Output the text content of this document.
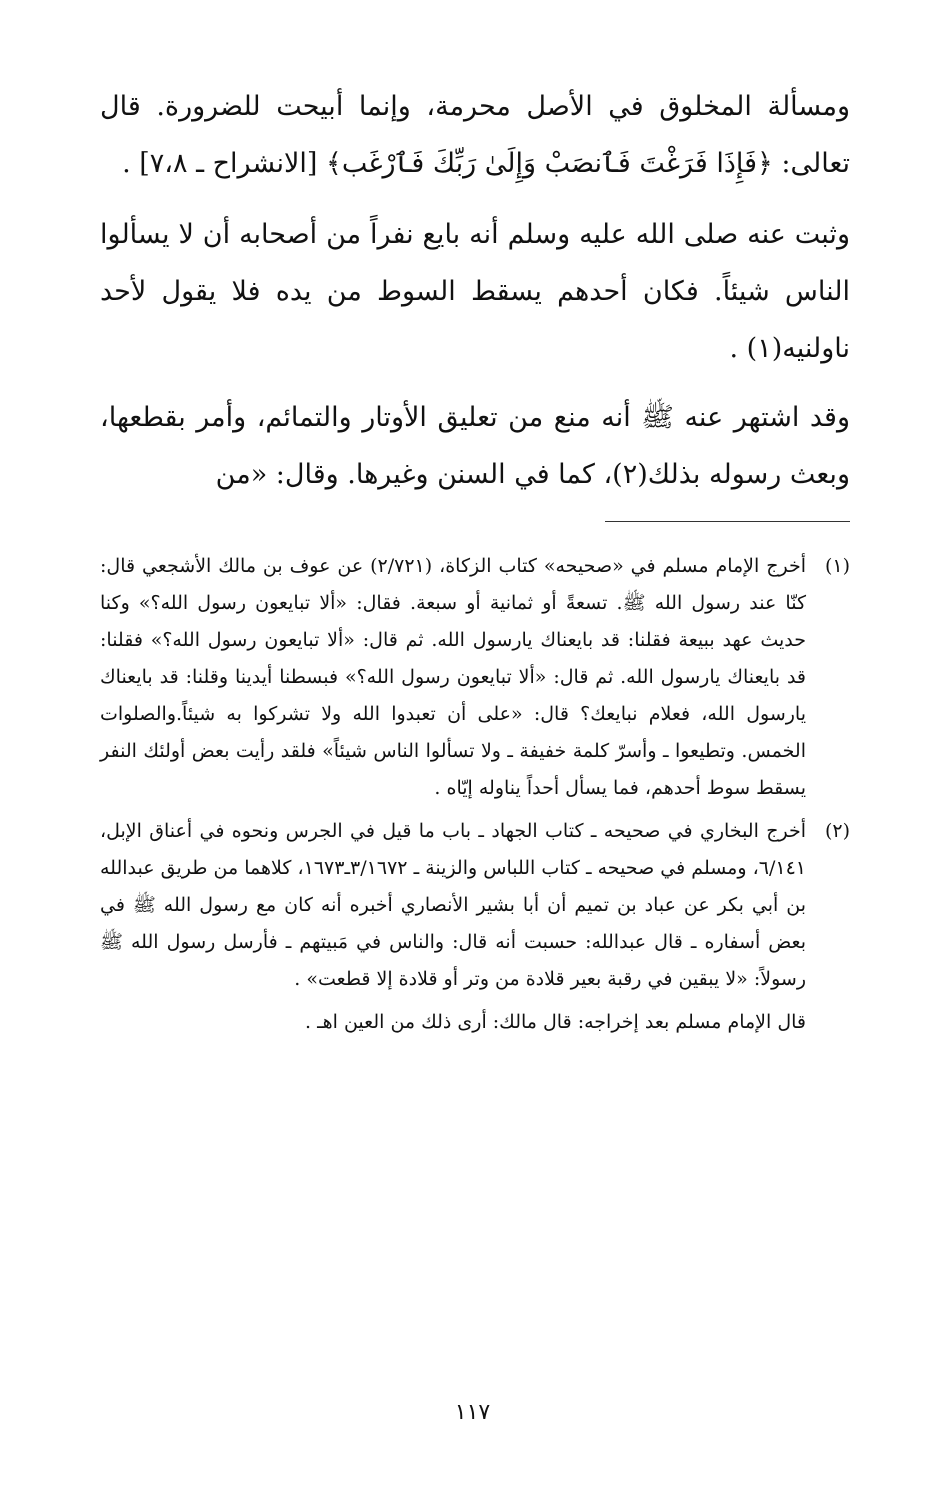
ومسألة المخلوق في الأصل محرمة، وإنما أبيحت للضرورة. قال تعالى: ﴿فَإِذَا فَرَغْتَ فَٱنصَبْ وَإِلَىٰ رَبِّكَ فَٱرْغَب﴾ [الانشراح ـ ٧،٨] .

وثبت عنه صلى الله عليه وسلم أنه بايع نفراً من أصحابه أن لا يسألوا الناس شيئاً. فكان أحدهم يسقط السوط من يده فلا يقول لأحد ناولنيه(١) .

وقد اشتهر عنه ﷺ أنه منع من تعليق الأوتار والتمائم، وأمر بقطعها، وبعث رسوله بذلك(٢)، كما في السنن وغيرها. وقال: «من

(١)
أخرج الإمام مسلم في «صحيحه» كتاب الزكاة، (٢/٧٢١) عن عوف بن مالك الأشجعي قال: كنّا عند رسول الله ﷺ. تسعةً أو ثمانية أو سبعة. فقال: «ألا تبايعون رسول الله؟» وكنا حديث عهد ببيعة فقلنا: قد بايعناك يارسول الله. ثم قال: «ألا تبايعون رسول الله؟» فقلنا: قد بايعناك يارسول الله. ثم قال: «ألا تبايعون رسول الله؟» فبسطنا أيدينا وقلنا: قد بايعناك يارسول الله، فعلام نبايعك؟ قال: «على أن تعبدوا الله ولا تشركوا به شيئاً.والصلوات الخمس. وتطيعوا ـ وأسرّ كلمة خفيفة ـ ولا تسألوا الناس شيئاً» فلقد رأيت بعض أولئك النفر يسقط سوط أحدهم، فما يسأل أحداً يناوله إيّاه .
(٢)
أخرج البخاري في صحيحه ـ كتاب الجهاد ـ باب ما قيل في الجرس ونحوه في أعناق الإبل، ٦/١٤١، ومسلم في صحيحه ـ كتاب اللباس والزينة ـ ٣/١٦٧٢ـ١٦٧٣، كلاهما من طريق عبدالله بن أبي بكر عن عباد بن تميم أن أبا بشير الأنصاري أخبره أنه كان مع رسول الله ﷺ في بعض أسفاره ـ قال عبدالله: حسبت أنه قال: والناس في مَبيتهم ـ فأرسل رسول الله ﷺ رسولاً: «لا يبقين في رقبة بعير قلادة من وتر أو قلادة إلا قطعت» .

قال الإمام مسلم بعد إخراجه: قال مالك: أرى ذلك من العين اهـ .

١١٧
